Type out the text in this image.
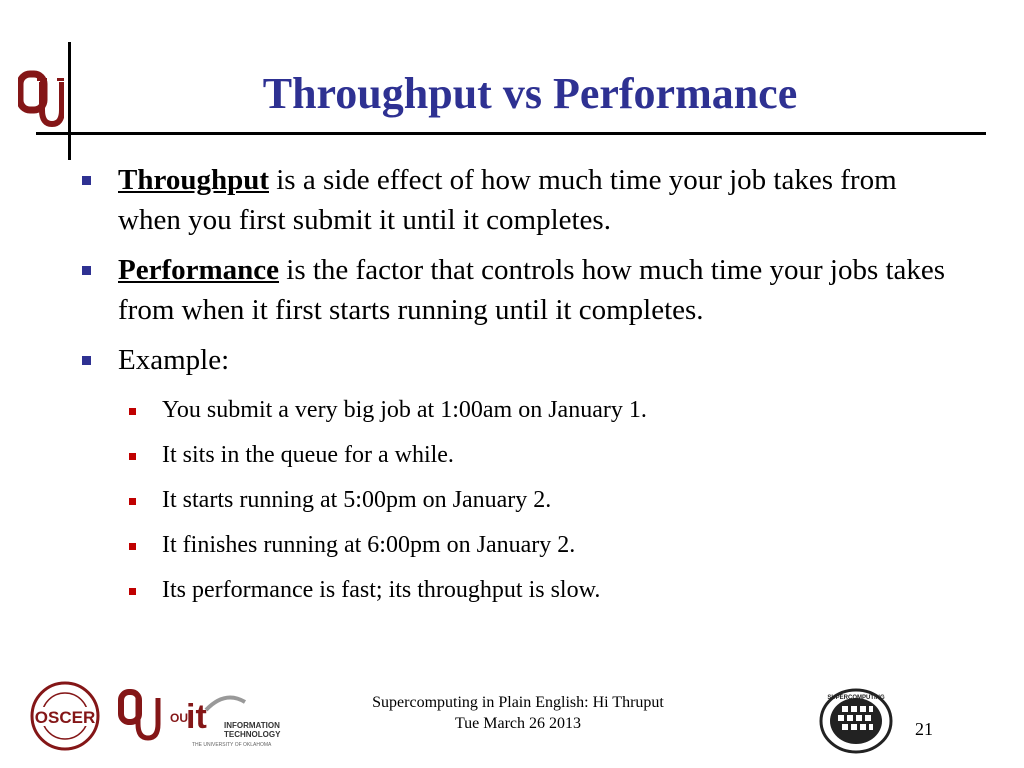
Throughput vs Performance
Throughput is a side effect of how much time your job takes from when you first submit it until it completes.
Performance is the factor that controls how much time your jobs takes from when it first starts running until it completes.
Example:
You submit a very big job at 1:00am on January 1.
It sits in the queue for a while.
It starts running at 5:00pm on January 2.
It finishes running at 6:00pm on January 2.
Its performance is fast; its throughput is slow.
OSCER	OU
it INFORMATION
TECHNOLOGY
THE UNIVERSITY OF OKLAHOMA
Supercomputing in Plain English: Hi Thruput
Tue March 26 2013
SUPERCOMPUTING
21
